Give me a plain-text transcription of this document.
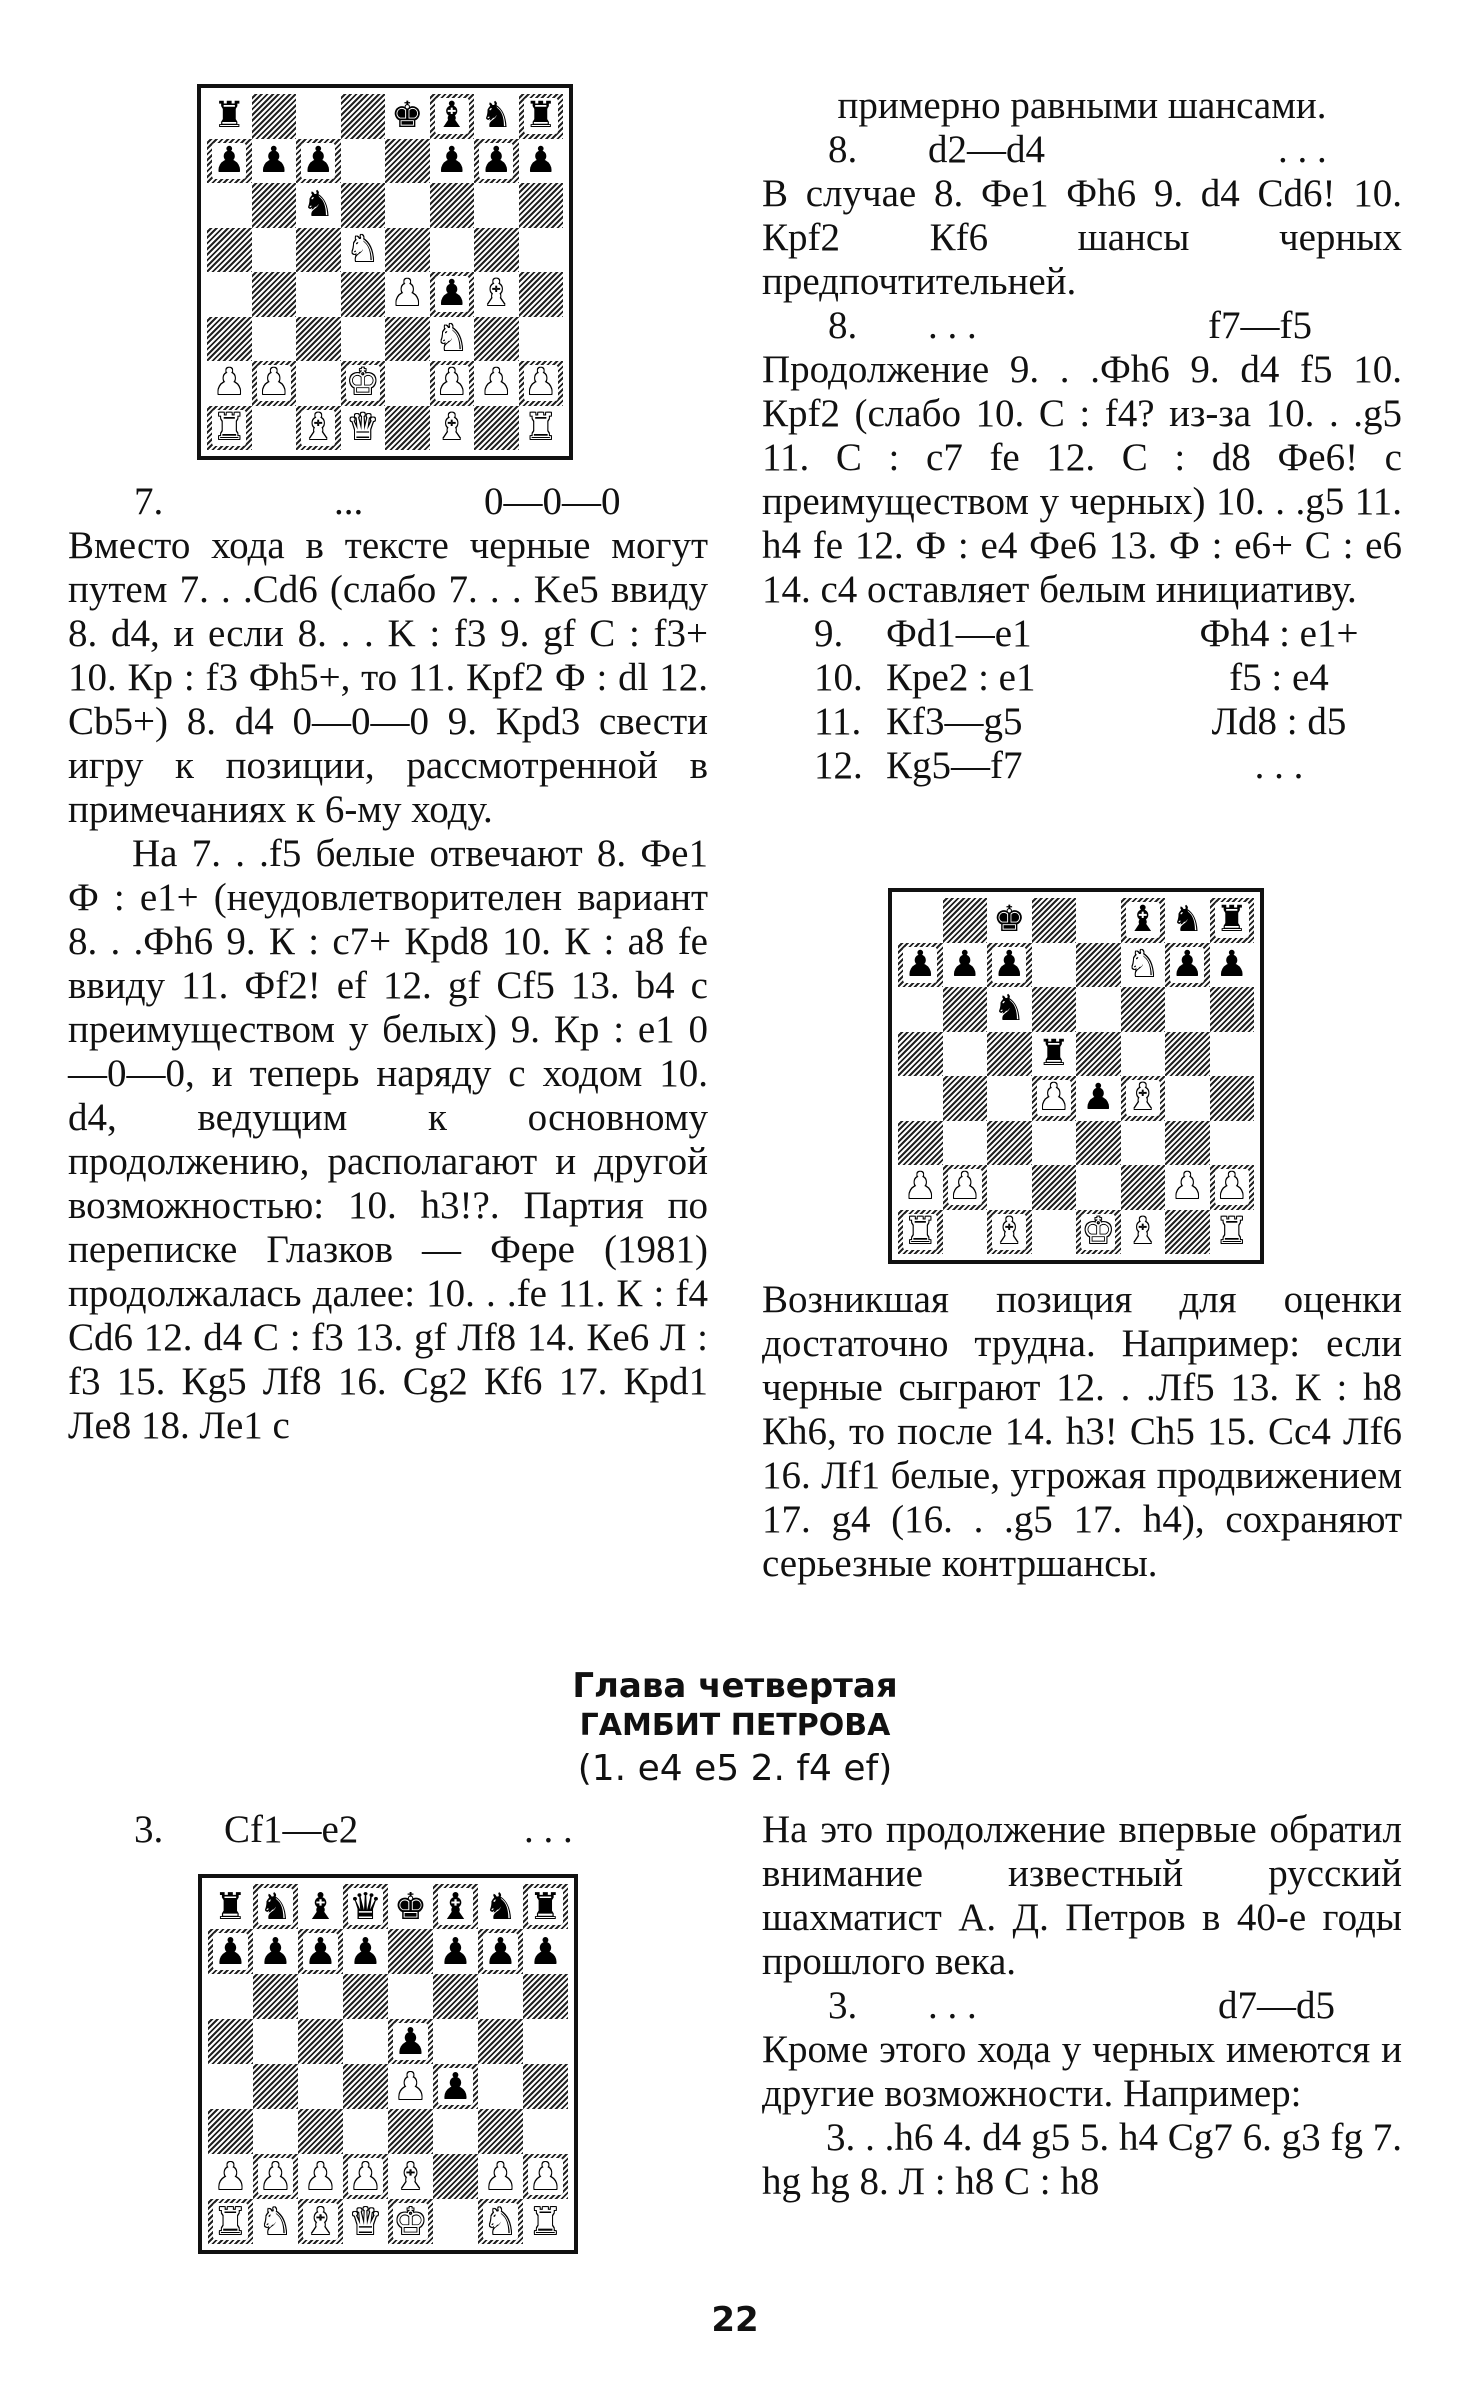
♜	♚ ♝ ♞ ♜
♟ ♟ ♟	♟ ♟ ♟
♞
♞
♟ ♟ ♝
♞
♟ ♟ ♚ ♟ ♟ ♟
♜ ♝ ♛ ♝ ♜
7.	...	0—0—0

Вместо хода в тексте черные могут путем 7. . .Cd6 (слабо 7. . . Ke5 ввиду 8. d4, и если 8. . . K : f3 9. gf C : f3+ 10. Кр : f3 Фh5+, то 11. Кpf2 Ф : dl 12. Cb5+) 8. d4 0—0—0 9. Кpd3 свести игру к позиции, рассмотренной в примечаниях к 6-му ходу.

На 7. . .f5 белые отвечают 8. Фe1 Ф : e1+ (неудовлетворителен вариант 8. . .Фh6 9. К : c7+ Кpd8 10. К : a8 fe ввиду 11. Фf2! ef 12. gf Cf5 13. b4 с преимуществом у белых) 9. Кр : e1 0—0—0, и теперь наряду с ходом 10. d4, ведущим к основному продолжению, располагают и другой возможностью: 10. h3!?. Партия по переписке Глазков — Фере (1981) продолжалась далее: 10. . .fe 11. К : f4 Cd6 12. d4 C : f3 13. gf Лf8 14. Кe6 Л : f3 15. Кg5 Лf8 16. Cg2 Кf6 17. Кpd1 Лe8 18. Лe1 с

примерно равными шансами.

8.	d2—d4	. . .

В случае 8. Фе1 Фh6 9. d4 Cd6! 10. Кpf2 Кf6 шансы черных предпочтительней.

8.	. . .	f7—f5

Продолжение 9. . .Фh6 9. d4 f5 10. Кpf2 (слабо 10. C : f4? из-за 10. . .g5 11. C : c7 fe 12. C : d8 Фe6! с преимуществом у черных) 10. . .g5 11. h4 fe 12. Ф : e4 Фe6 13. Ф : e6+ C : e6 14. c4 оставляет белым инициативу.

9.	Фd1—e1	Фh4 : e1+
10. Кpe2 : e1	f5 : e4
11. Кf3—g5	Лd8 : d5
12. Кg5—f7	. . .
♚	♝ ♞ ♜
♟ ♟ ♟	♞ ♟ ♟
♞
♜
♟ ♟ ♝
♟ ♟	♟ ♟
♜ ♝ ♚ ♝ ♜

Возникшая позиция для оценки достаточно трудна. Например: если черные сыграют 12. . .Лf5 13. К : h8 Кh6, то после 14. h3! Ch5 15. Cc4 Лf6 16. Лf1 белые, угрожая продвижением 17. g4 (16. . .g5 17. h4), сохраняют серьезные контршансы.

Глава четвертая
ГАМБИТ ПЕТРОВА
(1. e4 e5 2. f4 ef)
3.	Cf1—e2	. . .
♜ ♞ ♝ ♛ ♚ ♝ ♞ ♜
♟ ♟ ♟ ♟ ♟ ♟ ♟
♟
♟ ♟
♟ ♟ ♟ ♟ ♝ ♟ ♟
♜ ♞ ♝ ♛ ♚ ♞ ♜

На это продолжение впервые обратил внимание известный русский шахматист А. Д. Петров в 40-е годы прошлого века.

3.	. . .	d7—d5

Кроме этого хода у черных имеются и другие возможности. Например:

3. . .h6 4. d4 g5 5. h4 Cg7 6. g3 fg 7. hg hg 8. Л : h8 C : h8

22
